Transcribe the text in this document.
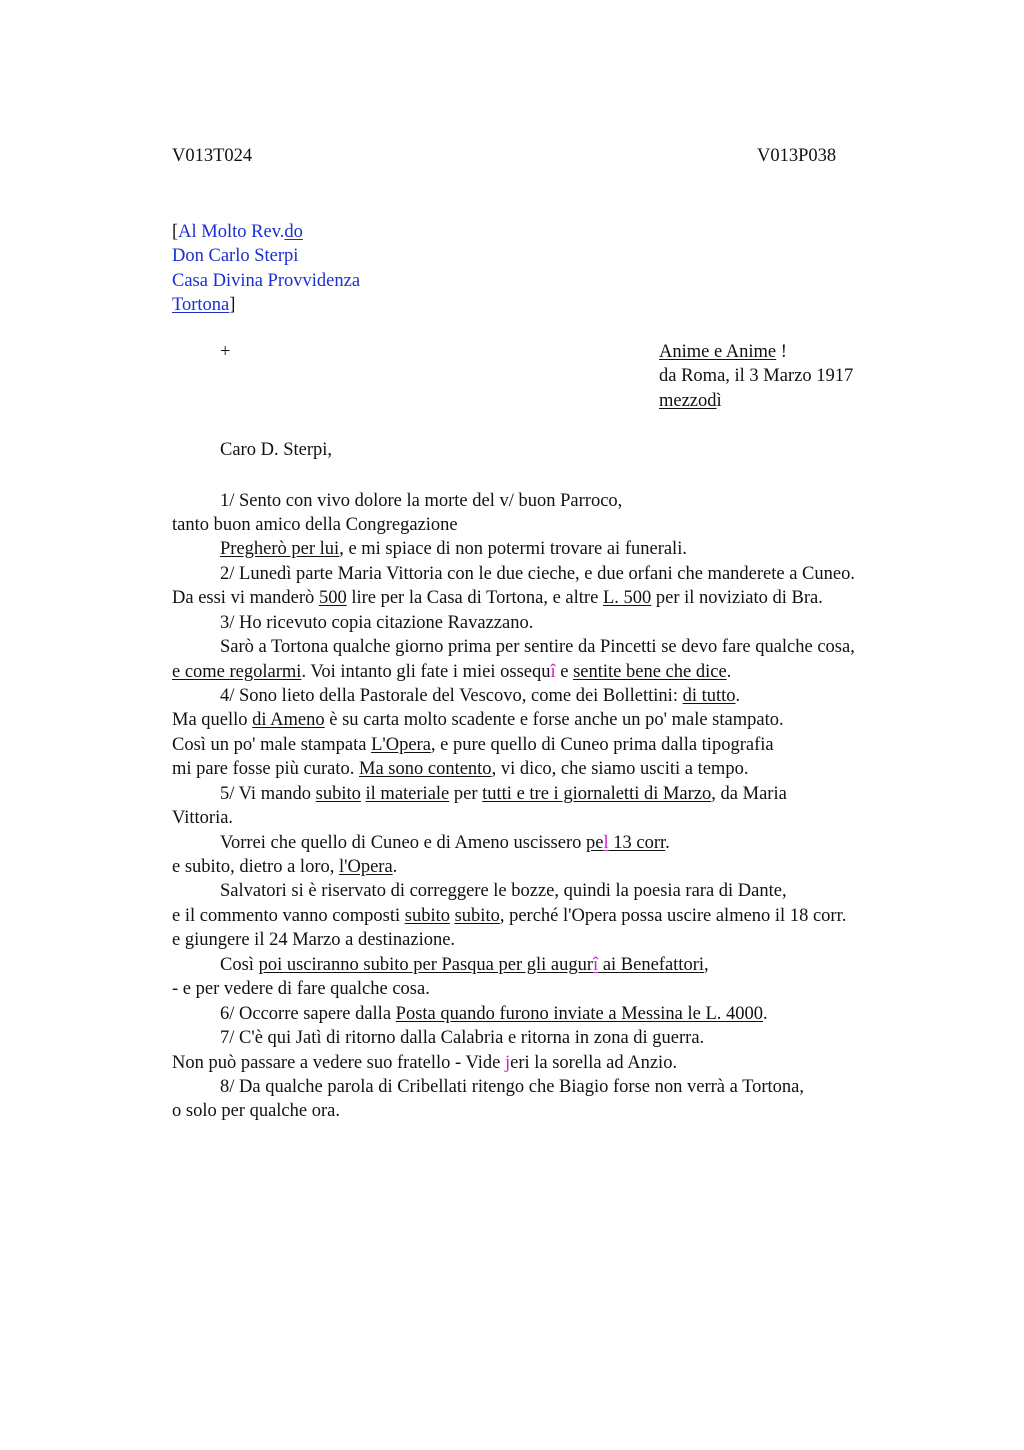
V013T024	V013P038
[Al Molto Rev.do
Don Carlo Sterpi
Casa Divina Provvidenza
Tortona]
+	Anime e Anime !
da Roma, il 3 Marzo 1917
mezzodì
Caro D. Sterpi,
1/ Sento con vivo dolore la morte del v/ buon Parroco,
tanto buon amico della Congregazione
Pregherò per lui, e mi spiace di non potermi trovare ai funerali.
2/ Lunedì parte Maria Vittoria con le due cieche, e due orfani che manderete a Cuneo.
Da essi vi manderò 500 lire per la Casa di Tortona, e altre L. 500 per il noviziato di Bra.
3/ Ho ricevuto copia citazione Ravazzano.
Sarò a Tortona qualche giorno prima per sentire da Pincetti se devo fare qualche cosa,
e come regolarmi. Voi intanto gli fate i miei ossequî e sentite bene che dice.
4/ Sono lieto della Pastorale del Vescovo, come dei Bollettini: di tutto.
Ma quello di Ameno è su carta molto scadente e forse anche un po' male stampato.
Così un po' male stampata L'Opera, e pure quello di Cuneo prima dalla tipografia
mi pare fosse più curato. Ma sono contento, vi dico, che siamo usciti a tempo.
5/ Vi mando subito il materiale per tutti e tre i giornaletti di Marzo, da Maria
Vittoria.
Vorrei che quello di Cuneo e di Ameno uscissero pel 13 corr.
e subito, dietro a loro, l'Opera.
Salvatori si è riservato di correggere le bozze, quindi la poesia rara di Dante,
e il commento vanno composti subito subito, perché l'Opera possa uscire almeno il 18 corr.
e giungere il 24 Marzo a destinazione.
Così poi usciranno subito per Pasqua per gli augurî ai Benefattori,
- e per vedere di fare qualche cosa.
6/ Occorre sapere dalla Posta quando furono inviate a Messina le L. 4000.
7/ C'è qui Jatì di ritorno dalla Calabria e ritorna in zona di guerra.
Non può passare a vedere suo fratello - Vide jeri la sorella ad Anzio.
8/ Da qualche parola di Cribellati ritengo che Biagio forse non verrà a Tortona,
o solo per qualche ora.
